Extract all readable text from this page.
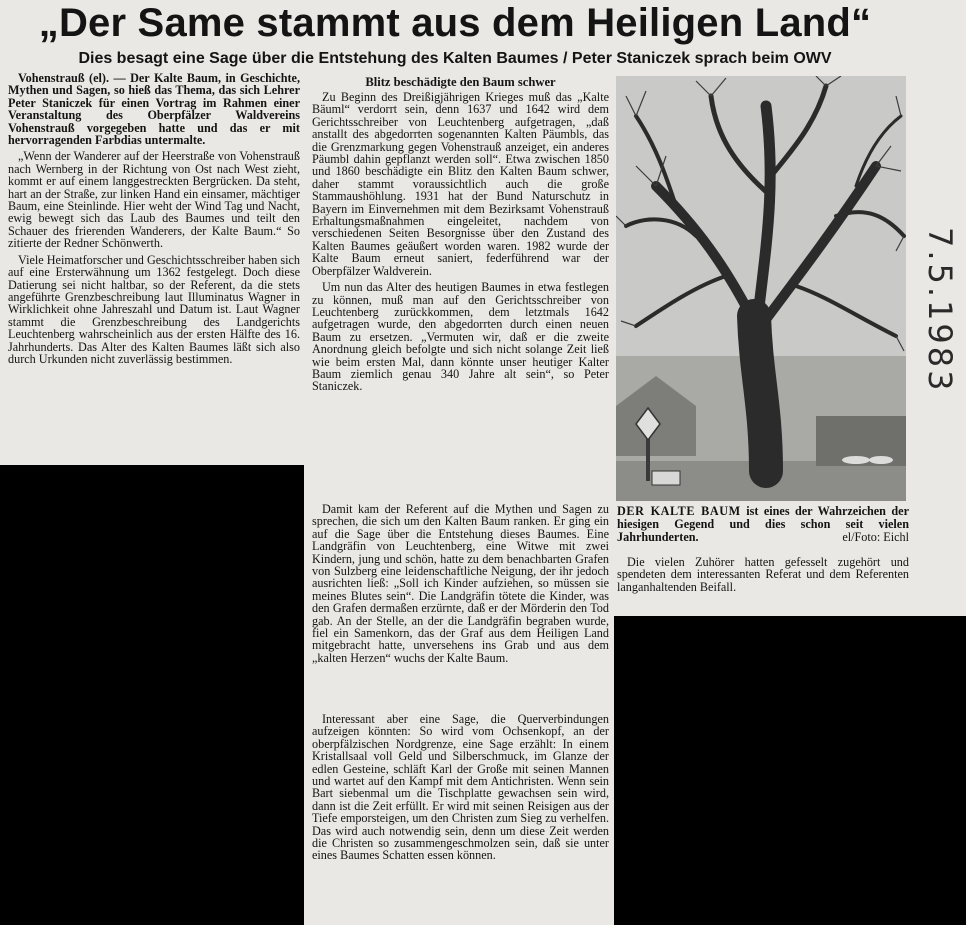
„Der Same stammt aus dem Heiligen Land“
Dies besagt eine Sage über die Entstehung des Kalten Baumes / Peter Staniczek sprach beim OWV

Vohenstrauß (el). — Der Kalte Baum, in Geschichte, Mythen und Sagen, so hieß das Thema, das sich Lehrer Peter Staniczek für einen Vortrag im Rahmen einer Veranstaltung des Oberpfälzer Waldvereins Vohenstrauß vorgegeben hatte und das er mit hervorragenden Farbdias untermalte.

„Wenn der Wanderer auf der Heerstraße von Vohenstrauß nach Wernberg in der Richtung von Ost nach West zieht, kommt er auf einem langgestreckten Bergrücken. Da steht, hart an der Straße, zur linken Hand ein einsamer, mächtiger Baum, eine Steinlinde. Hier weht der Wind Tag und Nacht, ewig bewegt sich das Laub des Baumes und teilt den Schauer des frierenden Wanderers, der Kalte Baum.“ So zitierte der Redner Schönwerth.

Viele Heimatforscher und Geschichtsschreiber haben sich auf eine Ersterwähnung um 1362 festgelegt. Doch diese Datierung sei nicht haltbar, so der Referent, da die stets angeführte Grenzbeschreibung laut Illuminatus Wagner in Wirklichkeit ohne Jahreszahl und Datum ist. Laut Wagner stammt die Grenzbeschreibung des Landgerichts Leuchtenberg wahrscheinlich aus der ersten Hälfte des 16. Jahrhunderts. Das Alter des Kalten Baumes läßt sich also durch Urkunden nicht zuverlässig bestimmen.

Blitz beschädigte den Baum schwer

Zu Beginn des Dreißigjährigen Krieges muß das „Kalte Bäuml“ verdorrt sein, denn 1637 und 1642 wird dem Gerichtsschreiber von Leuchtenberg aufgetragen, „daß anstallt des abgedorrten sogenannten Kalten Päumbls, das die Grenzmarkung gegen Vohenstrauß anzeiget, ein anderes Päumbl dahin gepflanzt werden soll“. Etwa zwischen 1850 und 1860 beschädigte ein Blitz den Kalten Baum schwer, daher stammt voraussichtlich auch die große Stammaushöhlung. 1931 hat der Bund Naturschutz in Bayern im Einvernehmen mit dem Bezirksamt Vohenstrauß Erhaltungsmaßnahmen eingeleitet, nachdem von verschiedenen Seiten Besorgnisse über den Zustand des Kalten Baumes geäußert worden waren. 1982 wurde der Kalte Baum erneut saniert, federführend war der Oberpfälzer Waldverein.

Um nun das Alter des heutigen Baumes in etwa festlegen zu können, muß man auf den Gerichtsschreiber von Leuchtenberg zurückkommen, dem letztmals 1642 aufgetragen wurde, den abgedorrten durch einen neuen Baum zu ersetzen. „Vermuten wir, daß er die zweite Anordnung gleich befolgte und sich nicht solange Zeit ließ wie beim ersten Mal, dann könnte unser heutiger Kalter Baum ziemlich genau 340 Jahre alt sein“, so Peter Staniczek.

Damit kam der Referent auf die Mythen und Sagen zu sprechen, die sich um den Kalten Baum ranken. Er ging ein auf die Sage über die Entstehung dieses Baumes. Eine Landgräfin von Leuchtenberg, eine Witwe mit zwei Kindern, jung und schön, hatte zu dem benachbarten Grafen von Sulzberg eine leidenschaftliche Neigung, der ihr jedoch ausrichten ließ: „Soll ich Kinder aufziehen, so müssen sie meines Blutes sein“. Die Landgräfin tötete die Kinder, was den Grafen dermaßen erzürnte, daß er der Mörderin den Tod gab. An der Stelle, an der die Landgräfin begraben wurde, fiel ein Samenkorn, das der Graf aus dem Heiligen Land mitgebracht hatte, unversehens ins Grab und aus dem „kalten Herzen“ wuchs der Kalte Baum.

Interessant aber eine Sage, die Querverbindungen aufzeigen könnten: So wird vom Ochsenkopf, an der oberpfälzischen Nordgrenze, eine Sage erzählt: In einem Kristallsaal voll Geld und Silberschmuck, im Glanze der edlen Gesteine, schläft Karl der Große mit seinen Mannen und wartet auf den Kampf mit dem Antichristen. Wenn sein Bart siebenmal um die Tischplatte gewachsen sein wird, dann ist die Zeit erfüllt. Er wird mit seinen Reisigen aus der Tiefe emporsteigen, um den Christen zum Sieg zu verhelfen. Das wird auch notwendig sein, denn um diese Zeit werden die Christen so zusammengeschmolzen sein, daß sie unter eines Baumes Schatten essen können.

DER KALTE BAUM ist eines der Wahrzeichen der hiesigen Gegend und dies schon seit vielen Jahrhunderten.	el/Foto: Eichl

Die vielen Zuhörer hatten gefesselt zugehört und spendeten dem interessanten Referat und dem Referenten langanhaltenden Beifall.

7.5.1983
